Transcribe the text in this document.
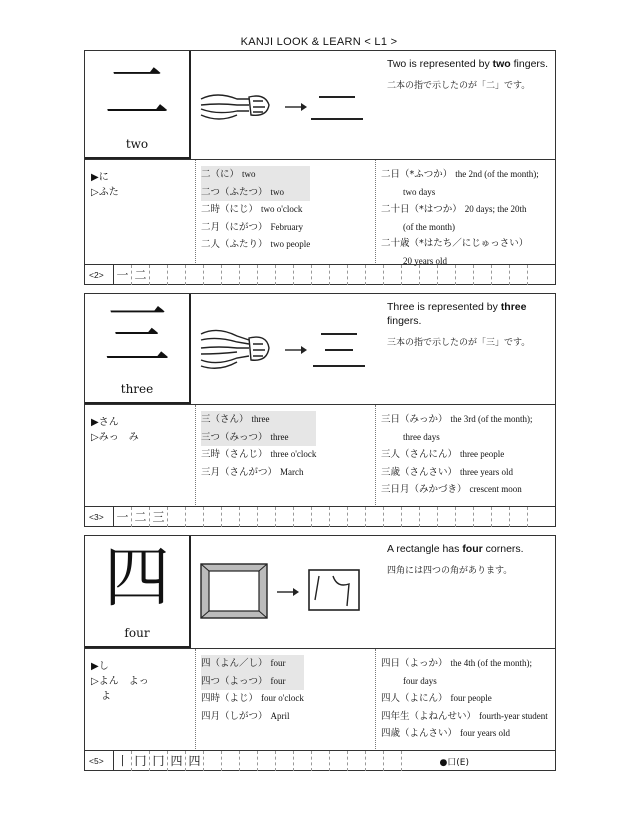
KANJI LOOK & LEARN < L1 >
二
two
Two is represented by two fingers.
二本の指で示したのが「二」です。
▶に
▷ふた
二（に） two
二つ（ふたつ） two
二時（にじ） two o'clock
二月（にがつ） February
二人（ふたり） two people
二日（*ふつか） the 2nd (of the month);
two days
二十日（*はつか） 20 days; the 20th
(of the month)
二十歳（*はたち／にじゅっさい）
20 years old
<2> 一 二
三
three
Three is represented by three fingers.
三本の指で示したのが「三」です。
▶さん
▷みっ　み
三（さん） three
三つ（みっつ） three
三時（さんじ） three o'clock
三月（さんがつ） March
三日（みっか） the 3rd (of the month);
three days
三人（さんにん） three people
三歳（さんさい） three years old
三日月（みかづき） crescent moon
<3> 一 二 三
四
four
A rectangle has four corners.
四角には四つの角があります。
▶し
▷よん　よっ
　よ
四（よん／し） four
四つ（よっつ） four
四時（よじ） four o'clock
四月（しがつ） April
四日（よっか） the 4th (of the month);
four days
四人（よにん） four people
四年生（よねんせい） fourth-year student
四歳（よんさい） four years old
<5> 丨 冂 冂 四 四	●口(E)
